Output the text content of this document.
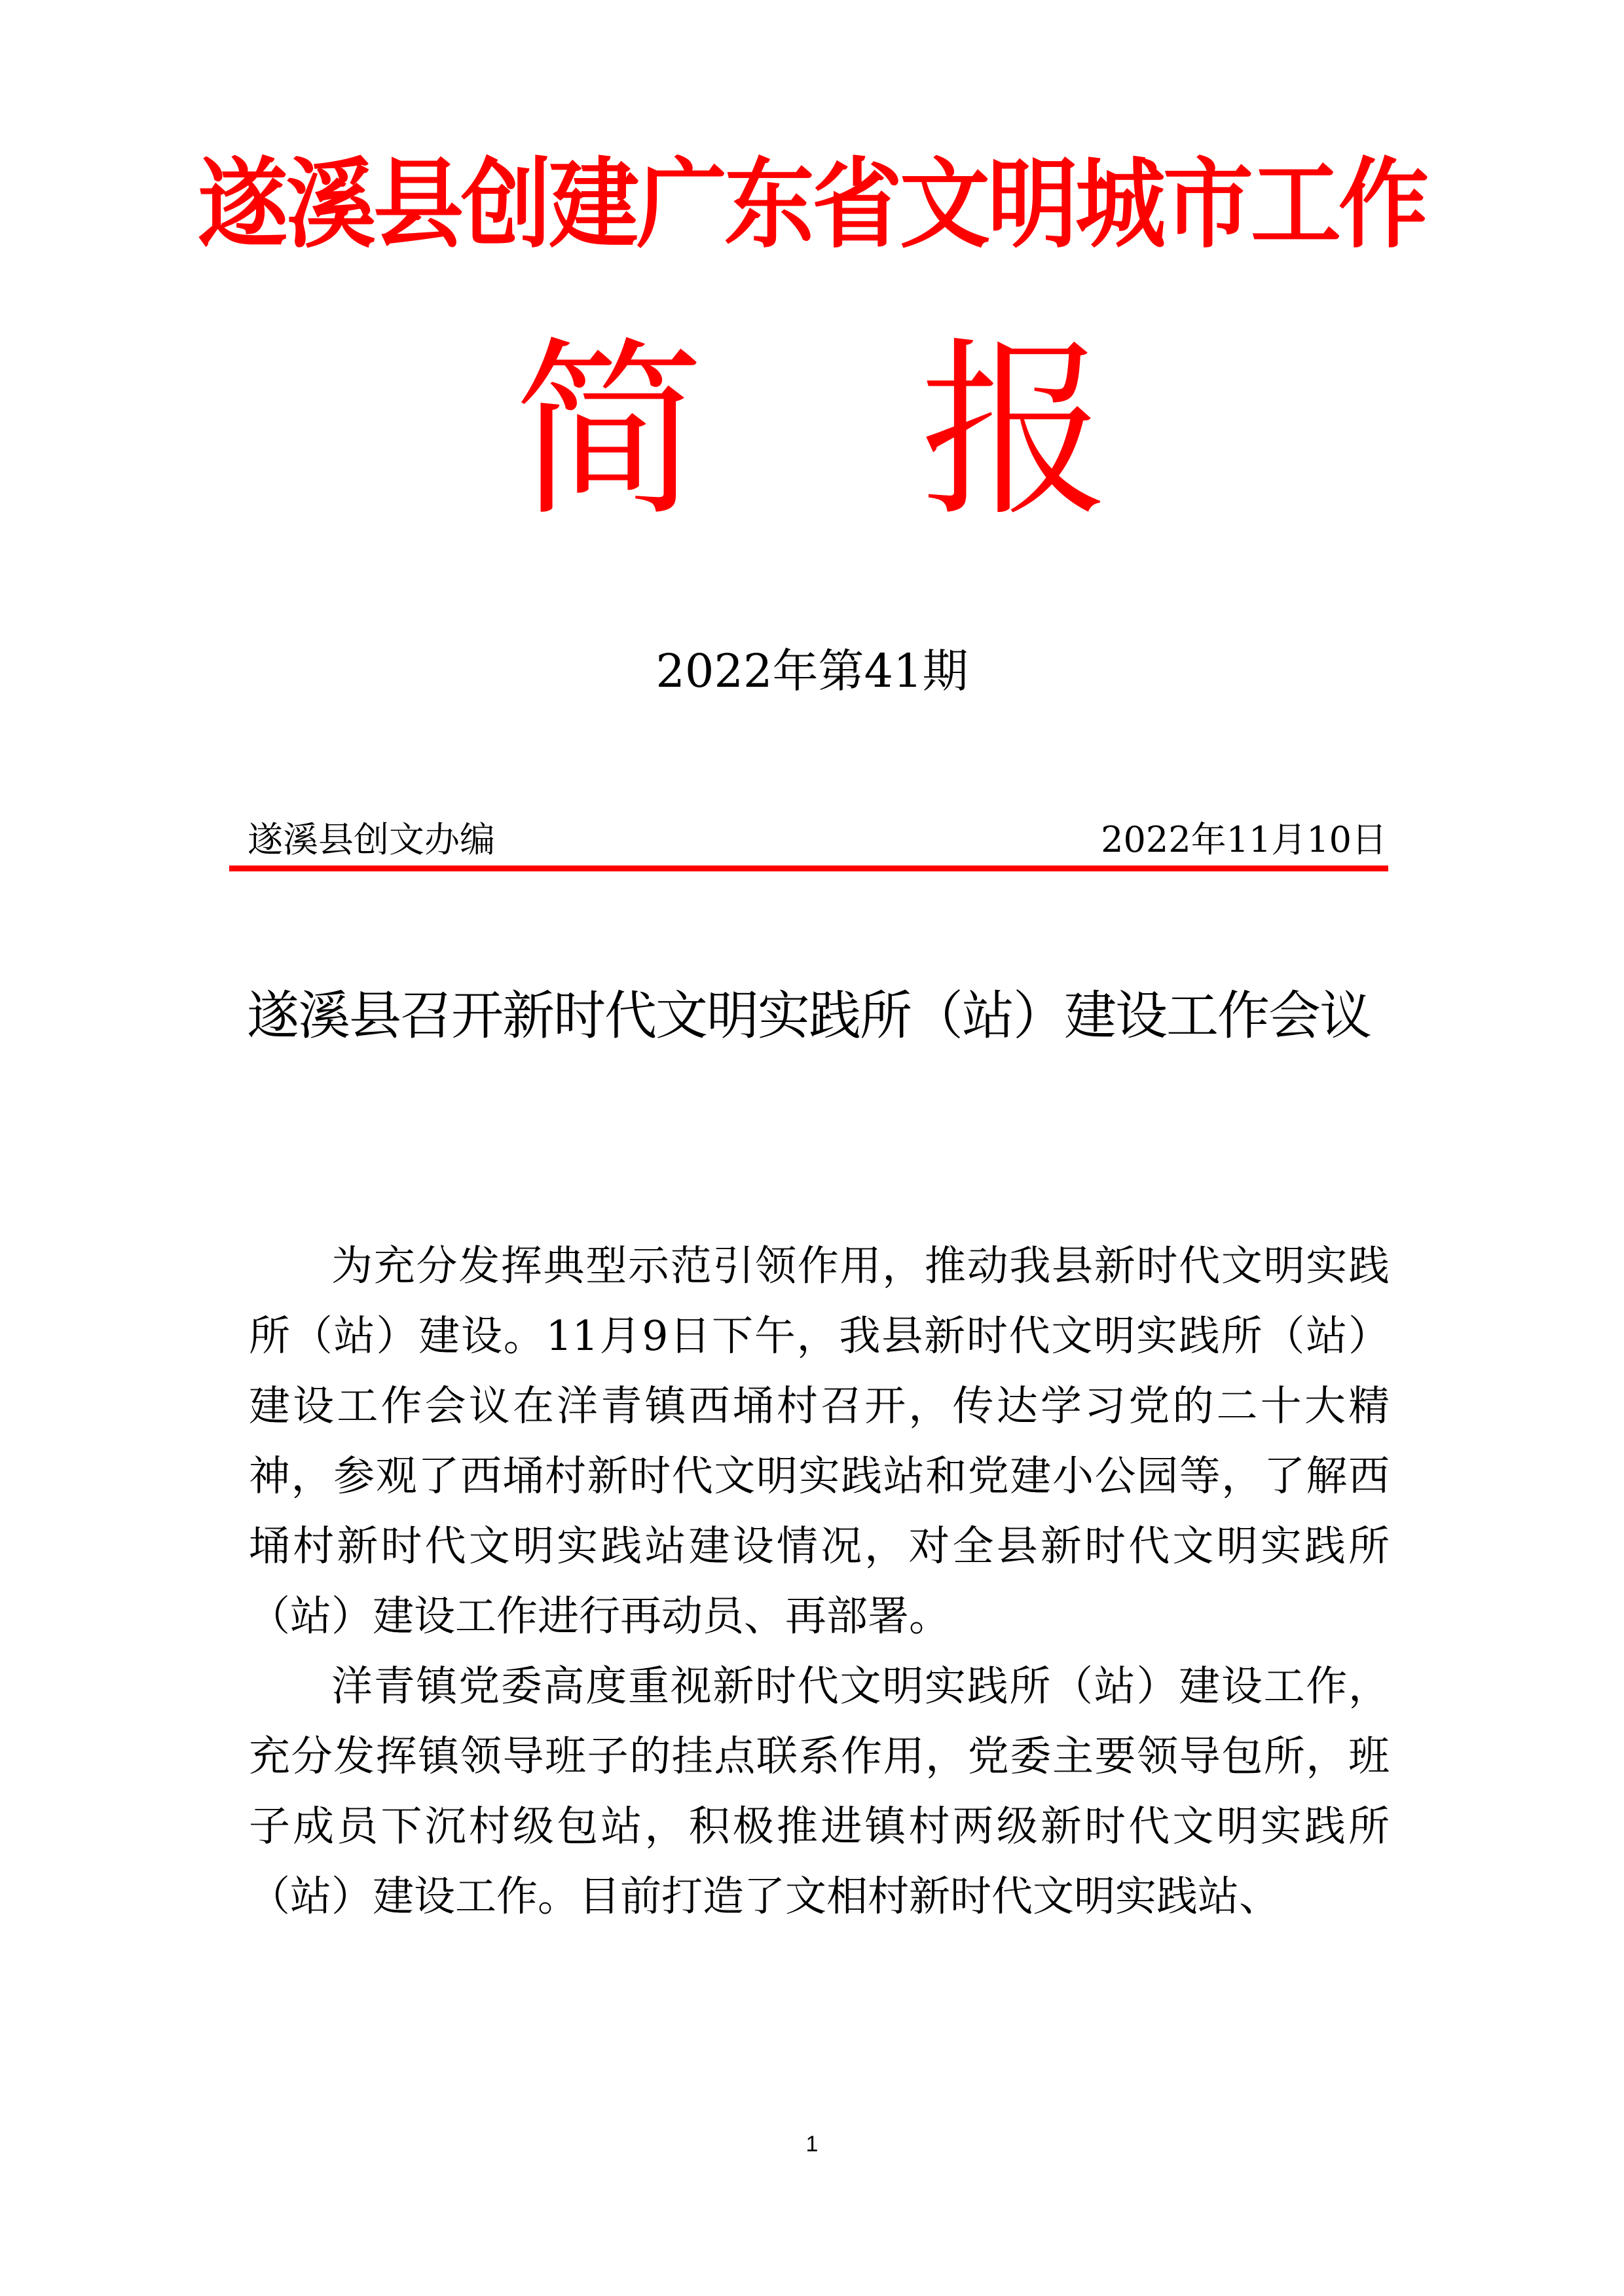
遂溪县创建广东省文明城市工作
简 报
2022年第41期
遂溪县创文办编	2022年11月10日
遂溪县召开新时代文明实践所（站）建设工作会议

为充分发挥典型示范引领作用，推动我县新时代文明实践所（站）建设。11月9日下午，我县新时代文明实践所（站）建设工作会议在洋青镇西埇村召开，传达学习党的二十大精神，参观了西埇村新时代文明实践站和党建小公园等，了解西埇村新时代文明实践站建设情况，对全县新时代文明实践所（站）建设工作进行再动员、再部署。

洋青镇党委高度重视新时代文明实践所（站）建设工作，充分发挥镇领导班子的挂点联系作用，党委主要领导包所，班子成员下沉村级包站，积极推进镇村两级新时代文明实践所（站）建设工作。目前打造了文相村新时代文明实践站、

1
